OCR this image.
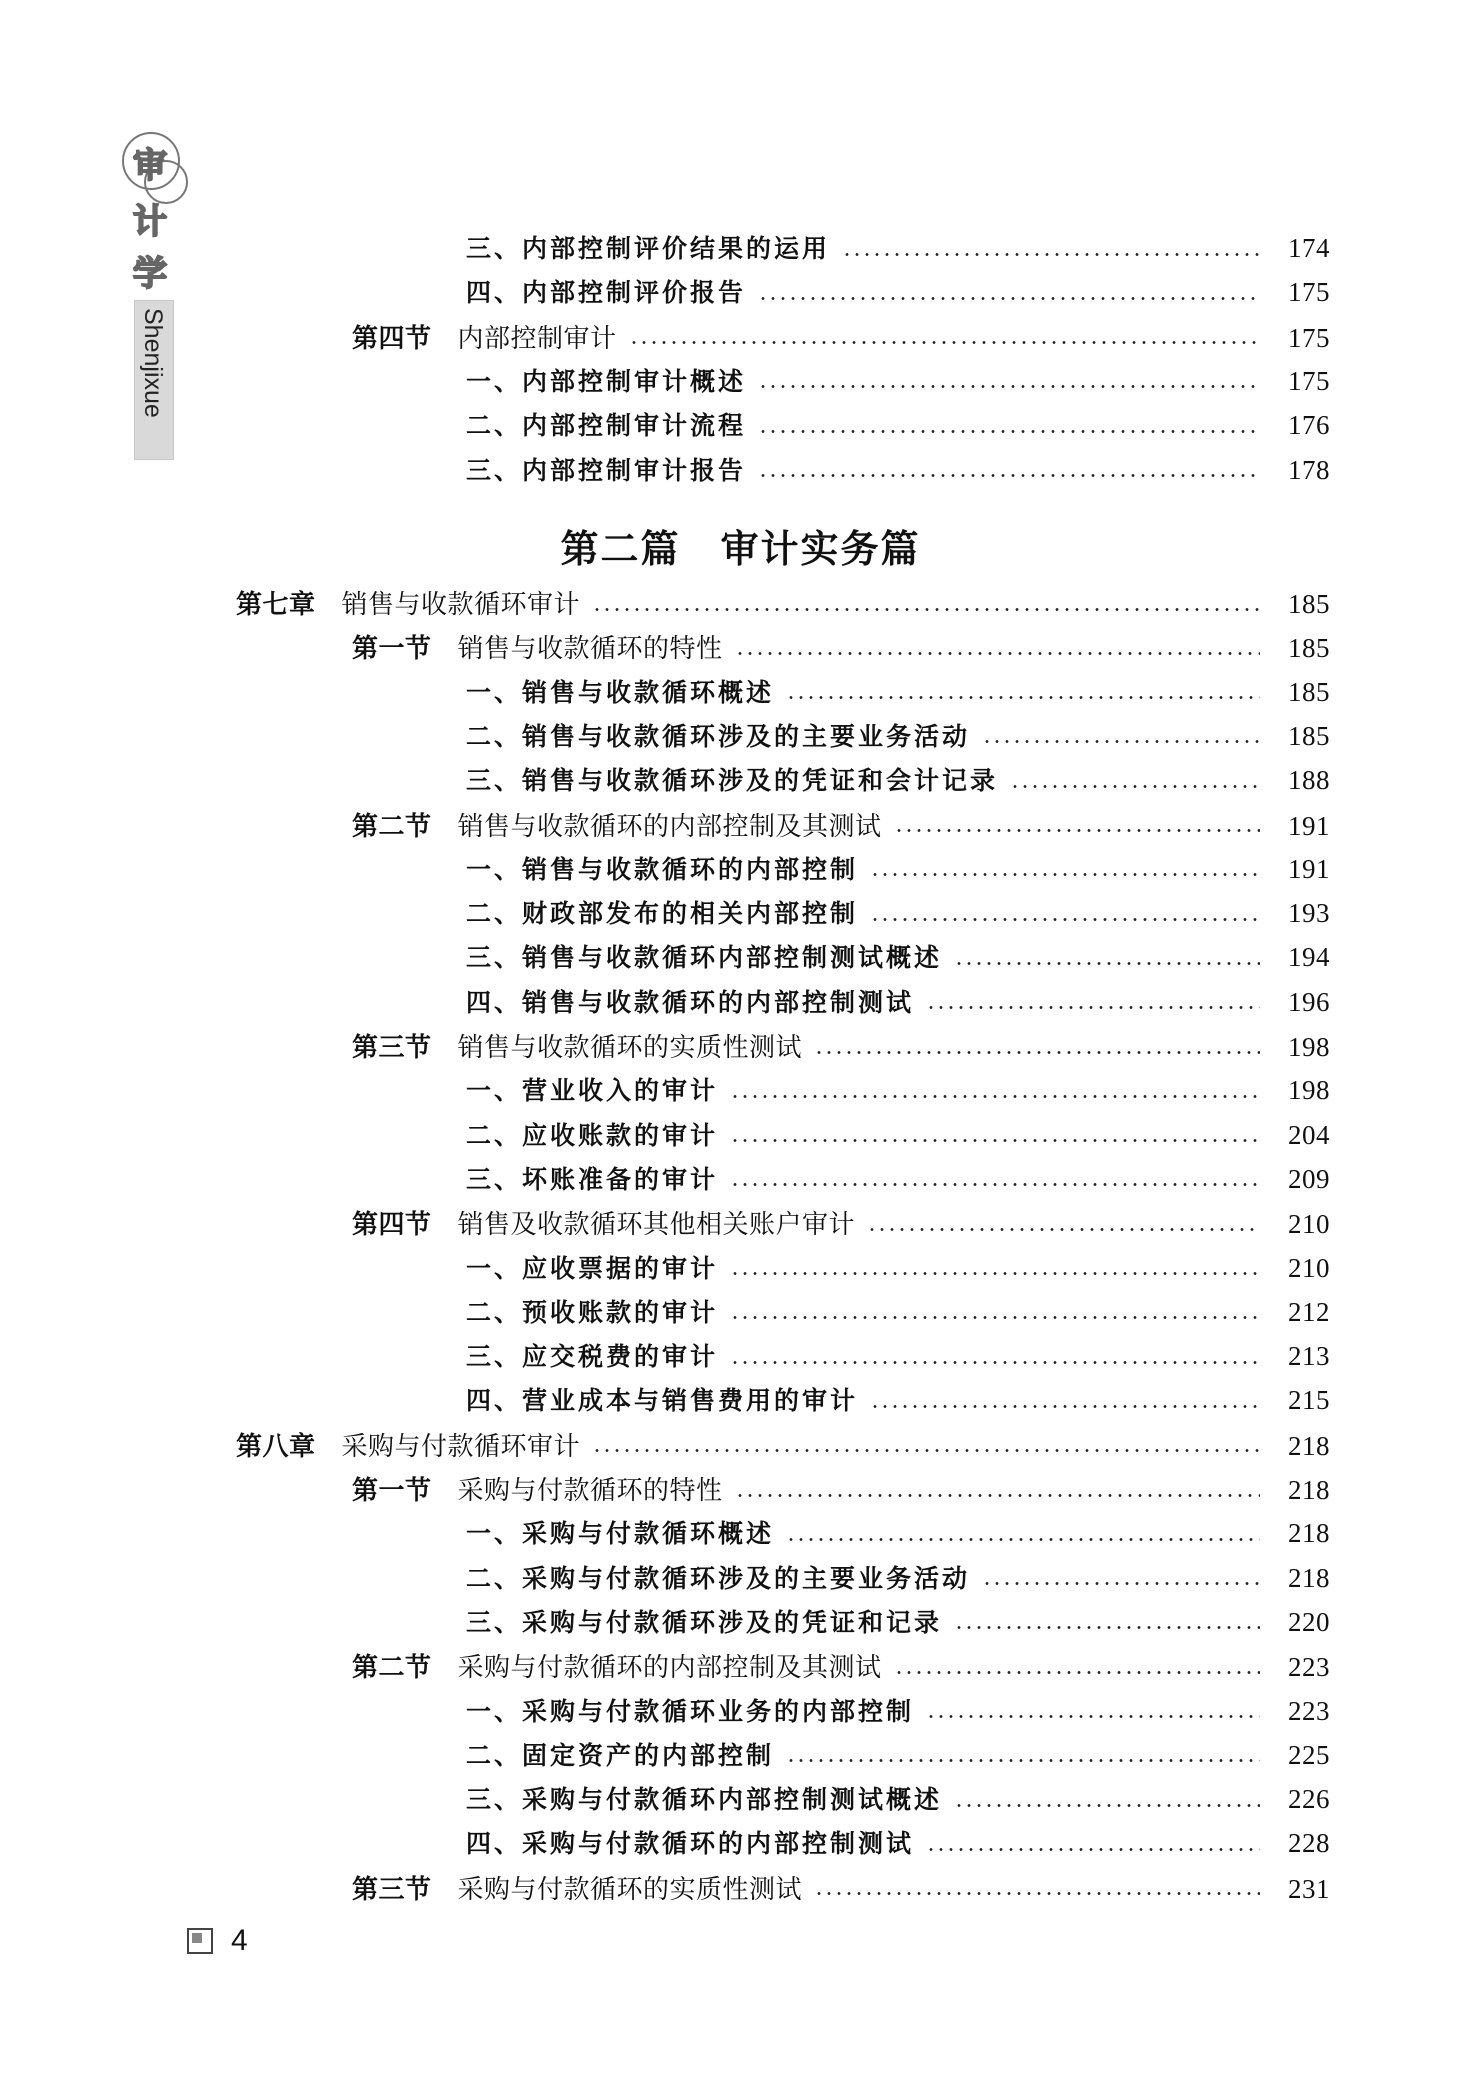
审
计
学
Shenjixue
三、内部控制评价结果的运用	174
四、内部控制评价报告	175
第四节 内部控制审计	175
一、内部控制审计概述	175
二、内部控制审计流程	176
三、内部控制审计报告	178
第七章 销售与收款循环审计	185
第一节 销售与收款循环的特性	185
一、销售与收款循环概述	185
二、销售与收款循环涉及的主要业务活动	185
三、销售与收款循环涉及的凭证和会计记录	188
第二节 销售与收款循环的内部控制及其测试	191
一、销售与收款循环的内部控制	191
二、财政部发布的相关内部控制	193
三、销售与收款循环内部控制测试概述	194
四、销售与收款循环的内部控制测试	196
第三节 销售与收款循环的实质性测试	198
一、营业收入的审计	198
二、应收账款的审计	204
三、坏账准备的审计	209
第四节 销售及收款循环其他相关账户审计	210
一、应收票据的审计	210
二、预收账款的审计	212
三、应交税费的审计	213
四、营业成本与销售费用的审计	215
第八章 采购与付款循环审计	218
第一节 采购与付款循环的特性	218
一、采购与付款循环概述	218
二、采购与付款循环涉及的主要业务活动	218
三、采购与付款循环涉及的凭证和记录	220
第二节 采购与付款循环的内部控制及其测试	223
一、采购与付款循环业务的内部控制	223
二、固定资产的内部控制	225
三、采购与付款循环内部控制测试概述	226
四、采购与付款循环的内部控制测试	228
第三节 采购与付款循环的实质性测试	231
第二篇　审计实务篇
4
